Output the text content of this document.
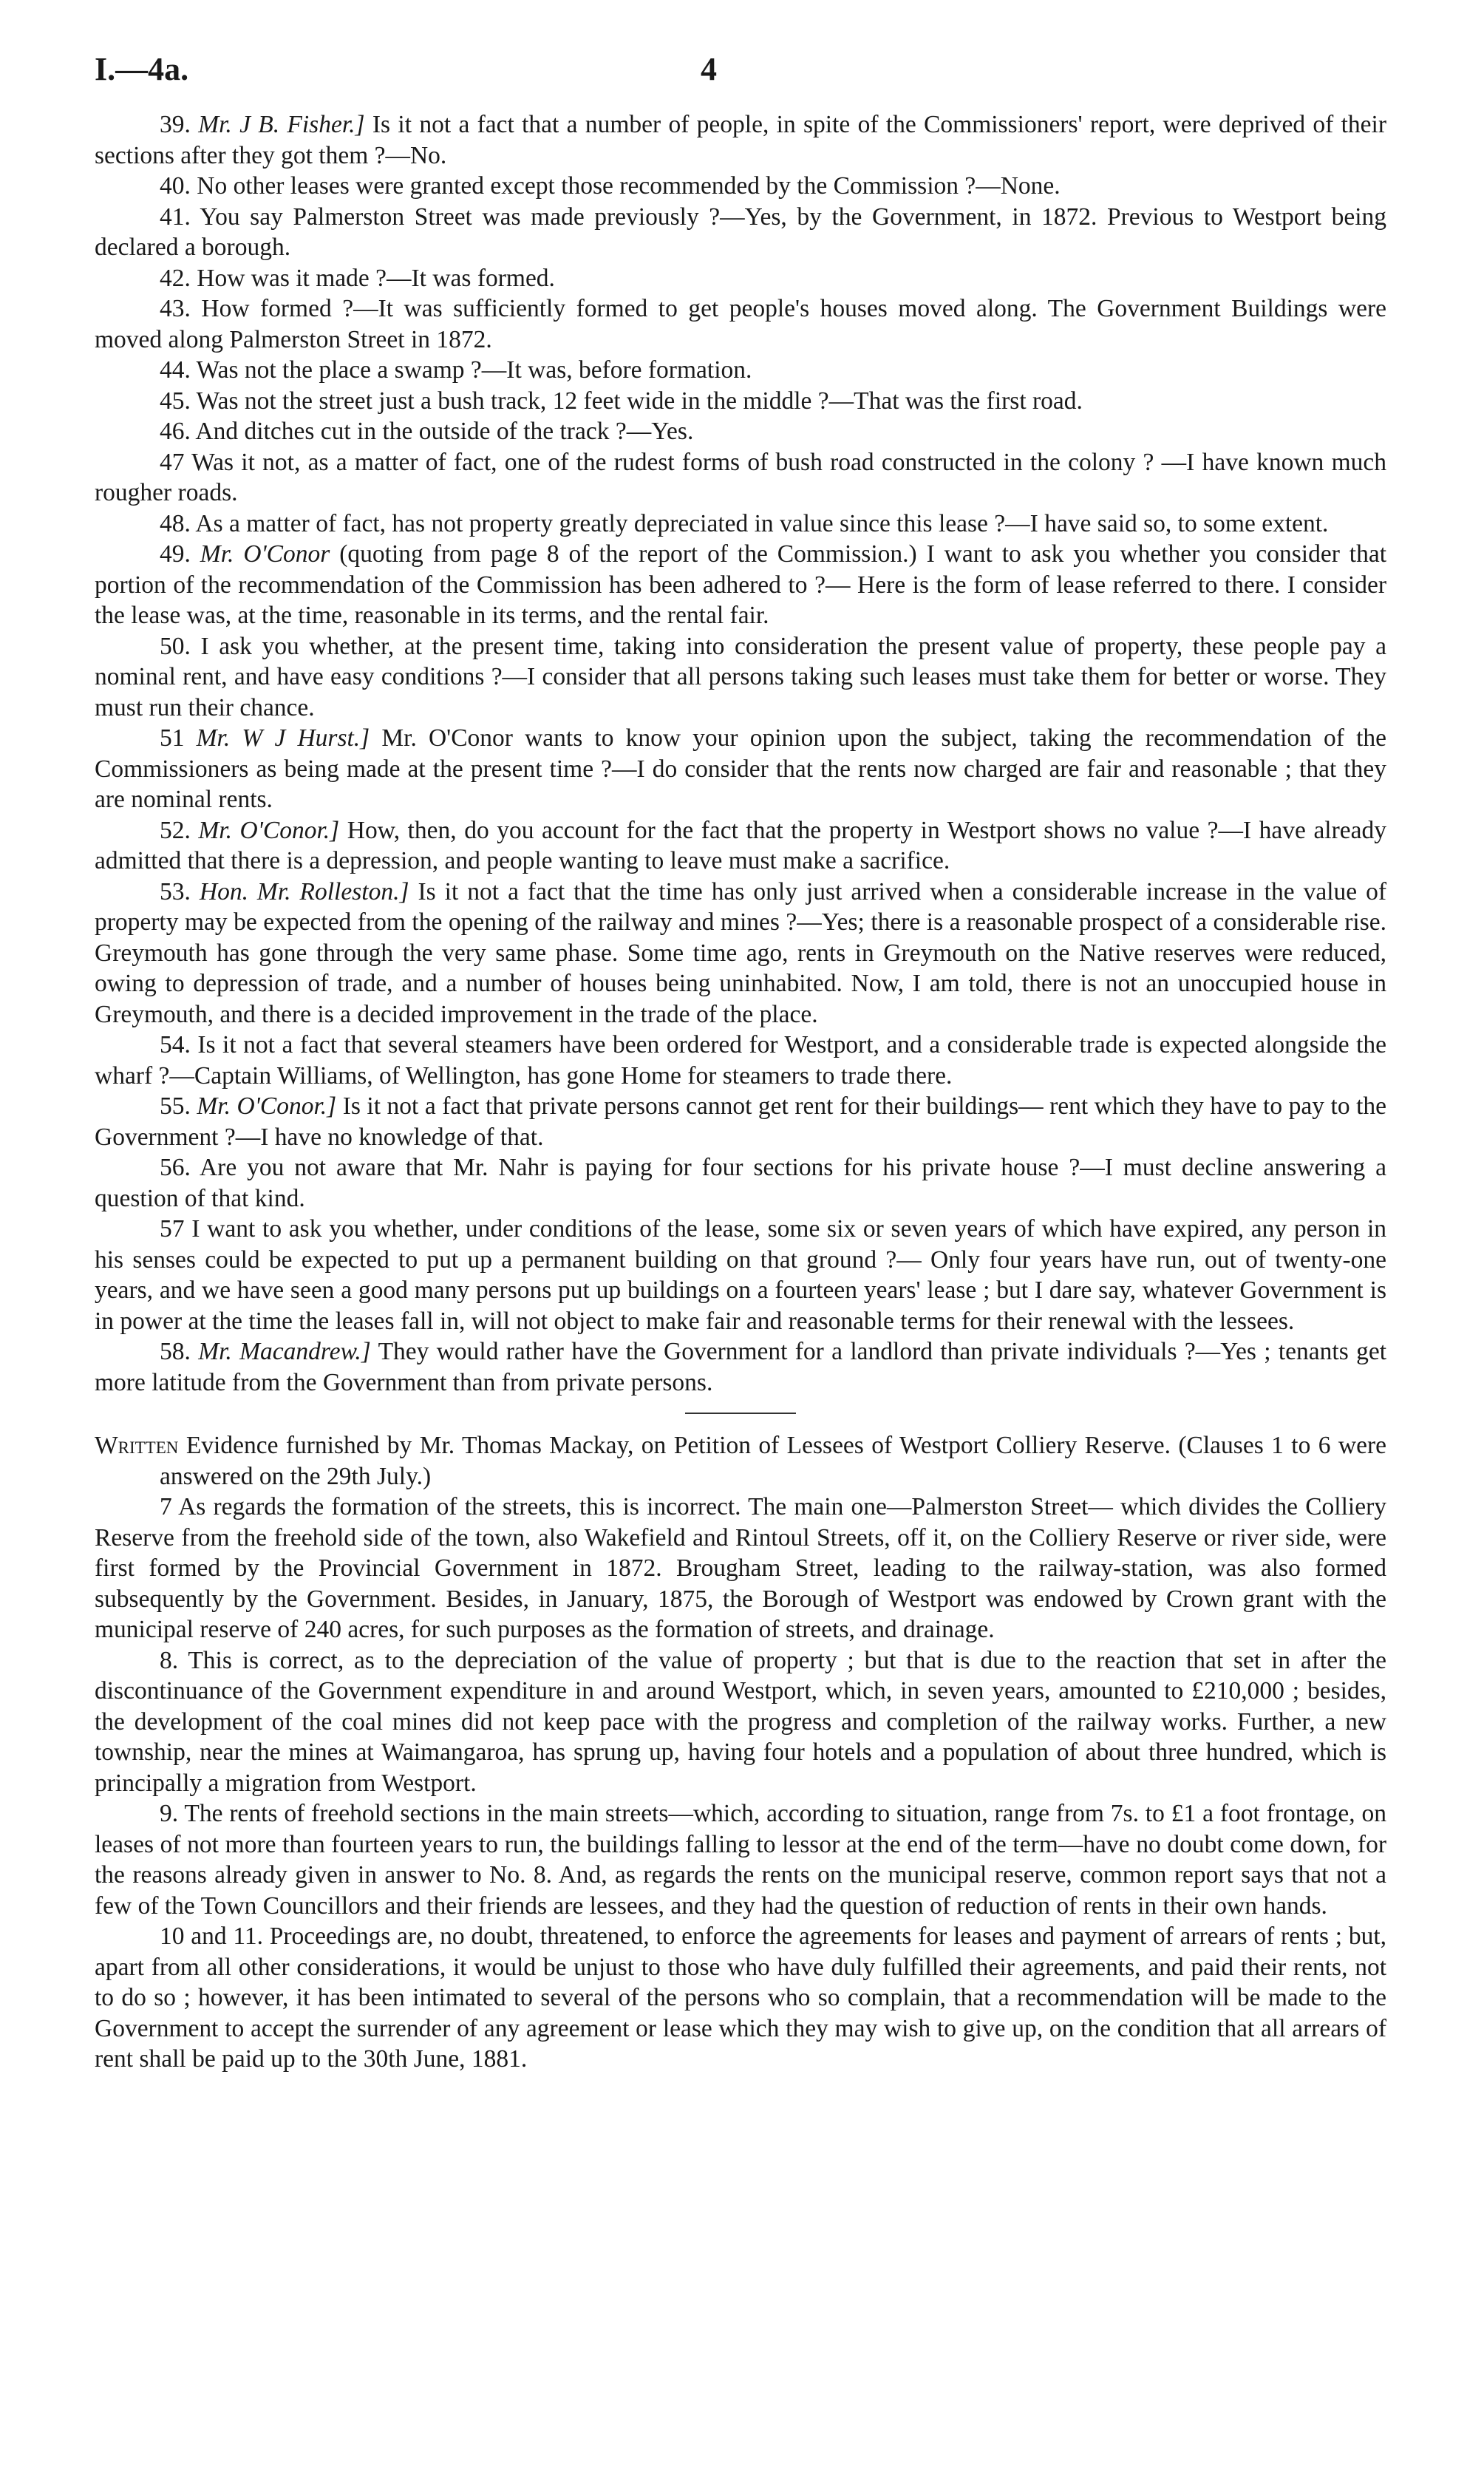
I.—4a.	4

39. Mr. J B. Fisher.] Is it not a fact that a number of people, in spite of the Commissioners' report, were deprived of their sections after they got them ?—No.

40. No other leases were granted except those recommended by the Commission ?—None.

41. You say Palmerston Street was made previously ?—Yes, by the Government, in 1872. Previous to Westport being declared a borough.

42. How was it made ?—It was formed.

43. How formed ?—It was sufficiently formed to get people's houses moved along. The Government Buildings were moved along Palmerston Street in 1872.

44. Was not the place a swamp ?—It was, before formation.

45. Was not the street just a bush track, 12 feet wide in the middle ?—That was the first road.

46. And ditches cut in the outside of the track ?—Yes.

47 Was it not, as a matter of fact, one of the rudest forms of bush road constructed in the colony ? —I have known much rougher roads.

48. As a matter of fact, has not property greatly depreciated in value since this lease ?—I have said so, to some extent.

49. Mr. O'Conor (quoting from page 8 of the report of the Commission.) I want to ask you whether you consider that portion of the recommendation of the Commission has been adhered to ?— Here is the form of lease referred to there. I consider the lease was, at the time, reasonable in its terms, and the rental fair.

50. I ask you whether, at the present time, taking into consideration the present value of property, these people pay a nominal rent, and have easy conditions ?—I consider that all persons taking such leases must take them for better or worse. They must run their chance.

51 Mr. W J Hurst.] Mr. O'Conor wants to know your opinion upon the subject, taking the recommendation of the Commissioners as being made at the present time ?—I do consider that the rents now charged are fair and reasonable ; that they are nominal rents.

52. Mr. O'Conor.] How, then, do you account for the fact that the property in Westport shows no value ?—I have already admitted that there is a depression, and people wanting to leave must make a sacrifice.

53. Hon. Mr. Rolleston.] Is it not a fact that the time has only just arrived when a considerable increase in the value of property may be expected from the opening of the railway and mines ?—Yes; there is a reasonable prospect of a considerable rise. Greymouth has gone through the very same phase. Some time ago, rents in Greymouth on the Native reserves were reduced, owing to depression of trade, and a number of houses being uninhabited. Now, I am told, there is not an unoccupied house in Greymouth, and there is a decided improvement in the trade of the place.

54. Is it not a fact that several steamers have been ordered for Westport, and a considerable trade is expected alongside the wharf ?—Captain Williams, of Wellington, has gone Home for steamers to trade there.

55. Mr. O'Conor.] Is it not a fact that private persons cannot get rent for their buildings— rent which they have to pay to the Government ?—I have no knowledge of that.

56. Are you not aware that Mr. Nahr is paying for four sections for his private house ?—I must decline answering a question of that kind.

57 I want to ask you whether, under conditions of the lease, some six or seven years of which have expired, any person in his senses could be expected to put up a permanent building on that ground ?— Only four years have run, out of twenty-one years, and we have seen a good many persons put up buildings on a fourteen years' lease ; but I dare say, whatever Government is in power at the time the leases fall in, will not object to make fair and reasonable terms for their renewal with the lessees.

58. Mr. Macandrew.] They would rather have the Government for a landlord than private individuals ?—Yes ; tenants get more latitude from the Government than from private persons.

Written Evidence furnished by Mr. Thomas Mackay, on Petition of Lessees of Westport Colliery Reserve. (Clauses 1 to 6 were answered on the 29th July.)

7 As regards the formation of the streets, this is incorrect. The main one—Palmerston Street— which divides the Colliery Reserve from the freehold side of the town, also Wakefield and Rintoul Streets, off it, on the Colliery Reserve or river side, were first formed by the Provincial Government in 1872. Brougham Street, leading to the railway-station, was also formed subsequently by the Government. Besides, in January, 1875, the Borough of Westport was endowed by Crown grant with the municipal reserve of 240 acres, for such purposes as the formation of streets, and drainage.

8. This is correct, as to the depreciation of the value of property ; but that is due to the reaction that set in after the discontinuance of the Government expenditure in and around Westport, which, in seven years, amounted to £210,000 ; besides, the development of the coal mines did not keep pace with the progress and completion of the railway works. Further, a new township, near the mines at Waimangaroa, has sprung up, having four hotels and a population of about three hundred, which is principally a migration from Westport.

9. The rents of freehold sections in the main streets—which, according to situation, range from 7s. to £1 a foot frontage, on leases of not more than fourteen years to run, the buildings falling to lessor at the end of the term—have no doubt come down, for the reasons already given in answer to No. 8. And, as regards the rents on the municipal reserve, common report says that not a few of the Town Councillors and their friends are lessees, and they had the question of reduction of rents in their own hands.

10 and 11. Proceedings are, no doubt, threatened, to enforce the agreements for leases and payment of arrears of rents ; but, apart from all other considerations, it would be unjust to those who have duly fulfilled their agreements, and paid their rents, not to do so ; however, it has been intimated to several of the persons who so complain, that a recommendation will be made to the Government to accept the surrender of any agreement or lease which they may wish to give up, on the condition that all arrears of rent shall be paid up to the 30th June, 1881.
